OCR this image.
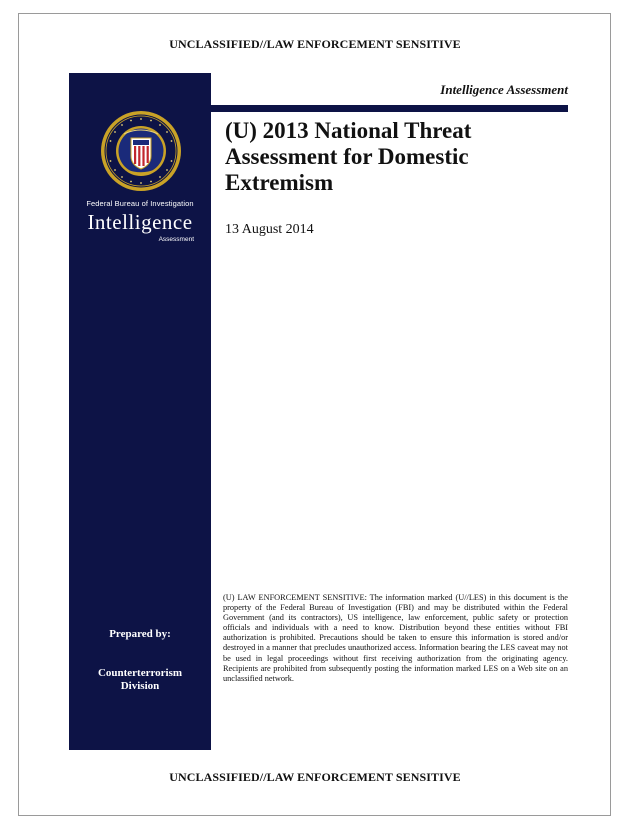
UNCLASSIFIED//LAW ENFORCEMENT SENSITIVE
Federal Bureau of Investigation
Intelligence
Assessment
Prepared by:
Counterterrorism
Division
Intelligence Assessment
(U) 2013 National Threat
Assessment for Domestic
Extremism
13 August 2014
(U) LAW ENFORCEMENT SENSITIVE: The information marked (U//LES) in this document is the property of the Federal Bureau of Investigation (FBI) and may be distributed within the Federal Government (and its contractors), US intelligence, law enforcement, public safety or protection officials and individuals with a need to know. Distribution beyond these entities without FBI authorization is prohibited. Precautions should be taken to ensure this information is stored and/or destroyed in a manner that precludes unauthorized access. Information bearing the LES caveat may not be used in legal proceedings without first receiving authorization from the originating agency. Recipients are prohibited from subsequently posting the information marked LES on a Web site on an unclassified network.
UNCLASSIFIED//LAW ENFORCEMENT SENSITIVE
